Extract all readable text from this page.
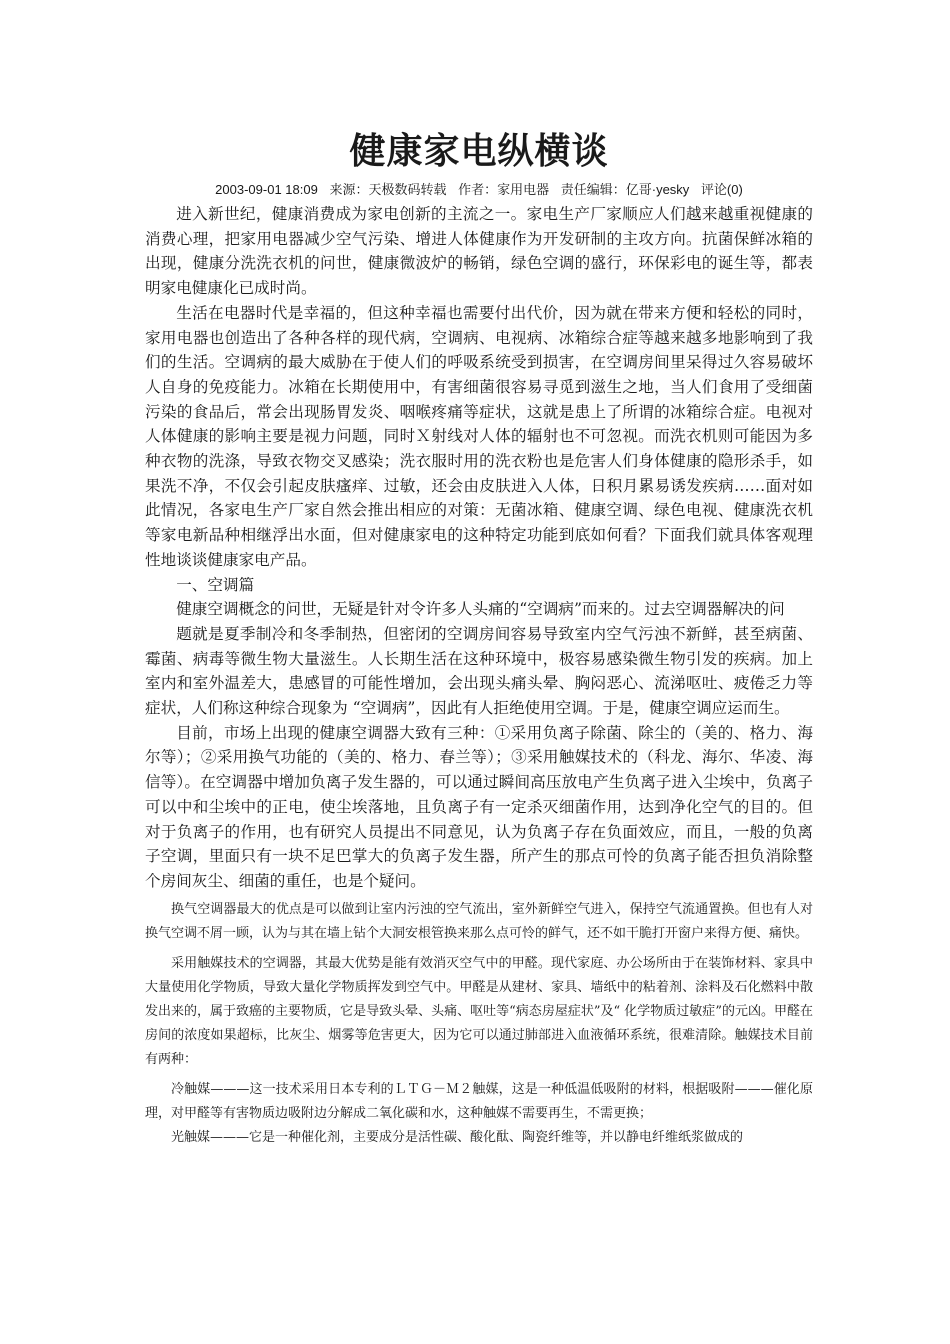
健康家电纵横谈
2003-09-01 18:09 来源：天极数码转载 作者：家用电器 责任编辑：亿哥·yesky 评论(0)

进入新世纪，健康消费成为家电创新的主流之一。家电生产厂家顺应人们越来越重视健康的消费心理，把家用电器减少空气污染、增进人体健康作为开发研制的主攻方向。抗菌保鲜冰箱的出现，健康分洗洗衣机的问世，健康微波炉的畅销，绿色空调的盛行，环保彩电的诞生等，都表明家电健康化已成时尚。

生活在电器时代是幸福的，但这种幸福也需要付出代价，因为就在带来方便和轻松的同时，家用电器也创造出了各种各样的现代病，空调病、电视病、冰箱综合症等越来越多地影响到了我们的生活。空调病的最大威胁在于使人们的呼吸系统受到损害，在空调房间里呆得过久容易破坏人自身的免疫能力。冰箱在长期使用中，有害细菌很容易寻觅到滋生之地，当人们食用了受细菌污染的食品后，常会出现肠胃发炎、咽喉疼痛等症状，这就是患上了所谓的冰箱综合症。电视对人体健康的影响主要是视力问题，同时Ｘ射线对人体的辐射也不可忽视。而洗衣机则可能因为多种衣物的洗涤，导致衣物交叉感染；洗衣服时用的洗衣粉也是危害人们身体健康的隐形杀手，如果洗不净，不仅会引起皮肤瘙痒、过敏，还会由皮肤进入人体，日积月累易诱发疾病……面对如此情况，各家电生产厂家自然会推出相应的对策：无菌冰箱、健康空调、绿色电视、健康洗衣机等家电新品种相继浮出水面，但对健康家电的这种特定功能到底如何看？下面我们就具体客观理性地谈谈健康家电产品。

一、空调篇

健康空调概念的问世，无疑是针对令许多人头痛的“空调病”而来的。过去空调器解决的问

题就是夏季制冷和冬季制热，但密闭的空调房间容易导致室内空气污浊不新鲜，甚至病菌、霉菌、病毒等微生物大量滋生。人长期生活在这种环境中，极容易感染微生物引发的疾病。加上室内和室外温差大，患感冒的可能性增加，会出现头痛头晕、胸闷恶心、流涕呕吐、疲倦乏力等症状，人们称这种综合现象为 “空调病”，因此有人拒绝使用空调。于是，健康空调应运而生。

目前，市场上出现的健康空调器大致有三种：①采用负离子除菌、除尘的（美的、格力、海尔等）；②采用换气功能的（美的、格力、春兰等）；③采用触媒技术的（科龙、海尔、华凌、海信等）。在空调器中增加负离子发生器的，可以通过瞬间高压放电产生负离子进入尘埃中，负离子可以中和尘埃中的正电，使尘埃落地，且负离子有一定杀灭细菌作用，达到净化空气的目的。但对于负离子的作用，也有研究人员提出不同意见，认为负离子存在负面效应，而且，一般的负离子空调，里面只有一块不足巴掌大的负离子发生器，所产生的那点可怜的负离子能否担负消除整个房间灰尘、细菌的重任，也是个疑问。

换气空调器最大的优点是可以做到让室内污浊的空气流出，室外新鲜空气进入，保持空气流通置换。但也有人对换气空调不屑一顾，认为与其在墙上钻个大洞安根管换来那么点可怜的鲜气，还不如干脆打开窗户来得方便、痛快。

采用触媒技术的空调器，其最大优势是能有效消灭空气中的甲醛。现代家庭、办公场所由于在装饰材料、家具中大量使用化学物质，导致大量化学物质挥发到空气中。甲醛是从建材、家具、墙纸中的粘着剂、涂料及石化燃料中散发出来的，属于致癌的主要物质，它是导致头晕、头痛、呕吐等“病态房屋症状”及“ 化学物质过敏症”的元凶。甲醛在房间的浓度如果超标，比灰尘、烟雾等危害更大，因为它可以通过肺部进入血液循环系统，很难清除。触媒技术目前有两种：

冷触媒———这一技术采用日本专利的ＬＴＧ－Ｍ２触媒，这是一种低温低吸附的材料，根据吸附———催化原理，对甲醛等有害物质边吸附边分解成二氧化碳和水，这种触媒不需要再生，不需更换；

光触媒———它是一种催化剂，主要成分是活性碳、酸化酞、陶瓷纤维等，并以静电纤维纸浆做成的
